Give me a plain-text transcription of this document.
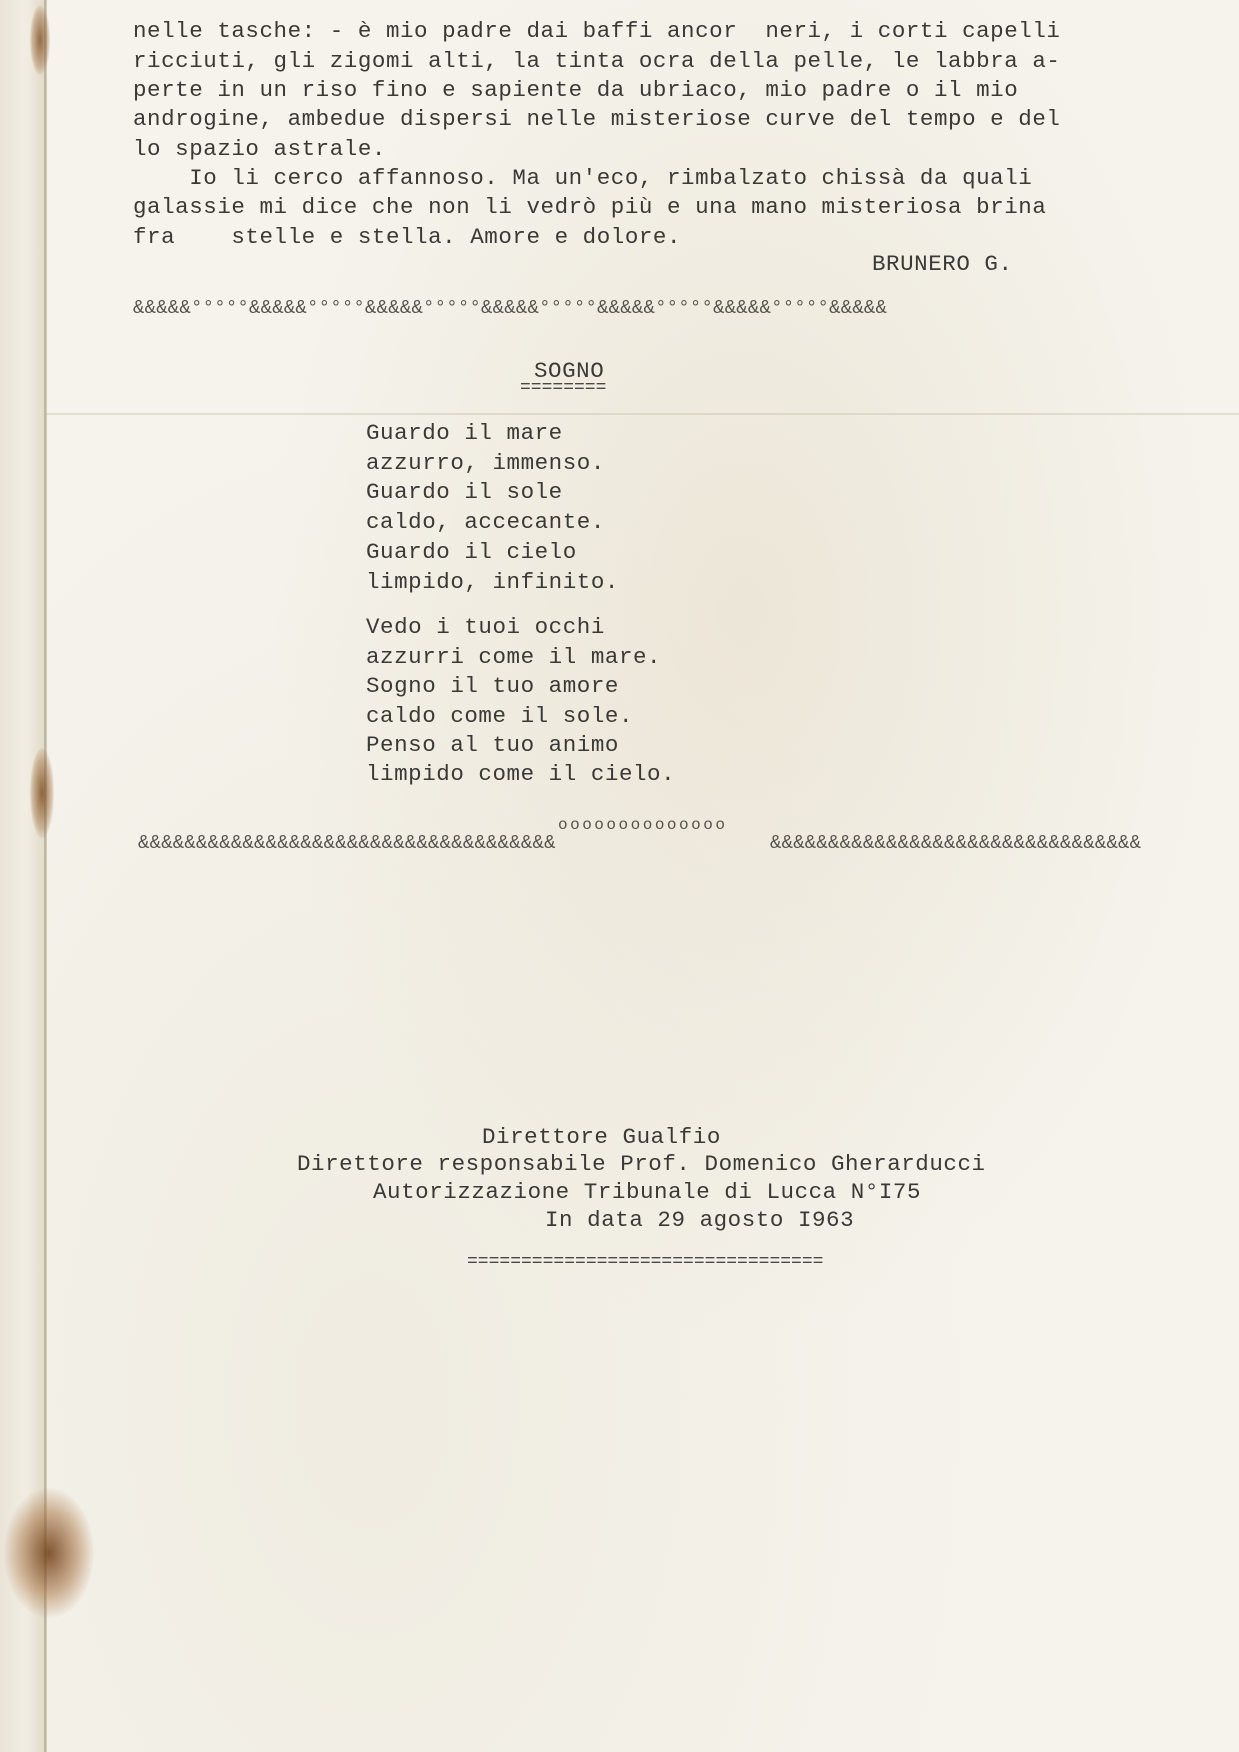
nelle tasche: - è mio padre dai baffi ancor  neri, i corti capelli
ricciuti, gli zigomi alti, la tinta ocra della pelle, le labbra a-
perte in un riso fino e sapiente da ubriaco, mio padre o il mio
androgine, ambedue dispersi nelle misteriose curve del tempo e del
lo spazio astrale.
Io li cerco affannoso. Ma un'eco, rimbalzato chissà da quali
galassie mi dice che non li vedrò più e una mano misteriosa brina
fra    stelle e stella. Amore e dolore.
BRUNERO G.
&&&&&°°°°°&&&&&°°°°°&&&&&°°°°°&&&&&°°°°°&&&&&°°°°°&&&&&°°°°°&&&&&
SOGNO
========
Guardo il mare
azzurro, immenso.
Guardo il sole
caldo, accecante.
Guardo il cielo
limpido, infinito.
Vedo i tuoi occhi
azzurri come il mare.
Sogno il tuo amore
caldo come il sole.
Penso al tuo animo
limpido come il cielo.
&&&&&&&&&&&&&&&&&&&&&&&&&&&&&&&&&&&&
oooooooooooooo
&&&&&&&&&&&&&&&&&&&&&&&&&&&&&&&&
Direttore Gualfio
Direttore responsabile Prof. Domenico Gherarducci
Autorizzazione Tribunale di Lucca N°I75
In data 29 agosto I963
=================================
